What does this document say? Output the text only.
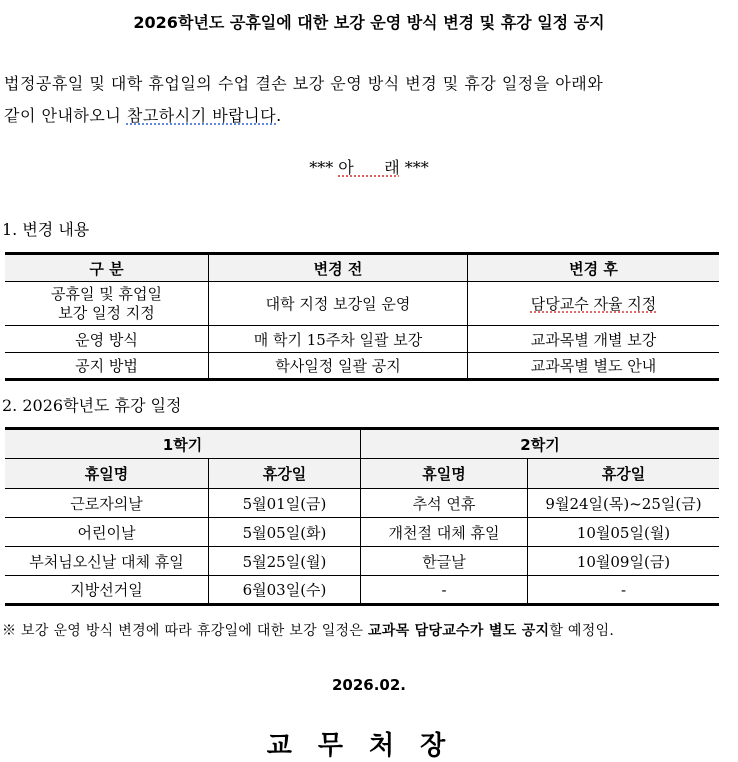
2026학년도 공휴일에 대한 보강 운영 방식 변경 및 휴강 일정 공지
법정공휴일 및 대학 휴업일의 수업 결손 보강 운영 방식 변경 및 휴강 일정을 아래와
같이 안내하오니 참고하시기 바랍니다.
*** 아      래 ***
1. 변경 내용
구 분	변경 전	변경 후

공휴일 및 휴업일
보강 일정 지정	대학 지정 보강일 운영	담당교수 자율 지정
운영 방식	매 학기 15주차 일괄 보강	교과목별 개별 보강
공지 방법	학사일정 일괄 공지	교과목별 별도 안내
2. 2026학년도 휴강 일정
1학기		2학기	
휴일명	휴강일	휴일명	휴강일
근로자의날	5월01일(금)	추석 연휴	9월24일(목)~25일(금)
어린이날	5월05일(화)	개천절 대체 휴일	10월05일(월)
부처님오신날 대체 휴일	5월25일(월)	한글날	10월09일(금)
지방선거일	6월03일(수)	-	-
※ 보강 운영 방식 변경에 따라 휴강일에 대한 보강 일정은 교과목 담당교수가 별도 공지할 예정임.
2026.02.
교무처장
